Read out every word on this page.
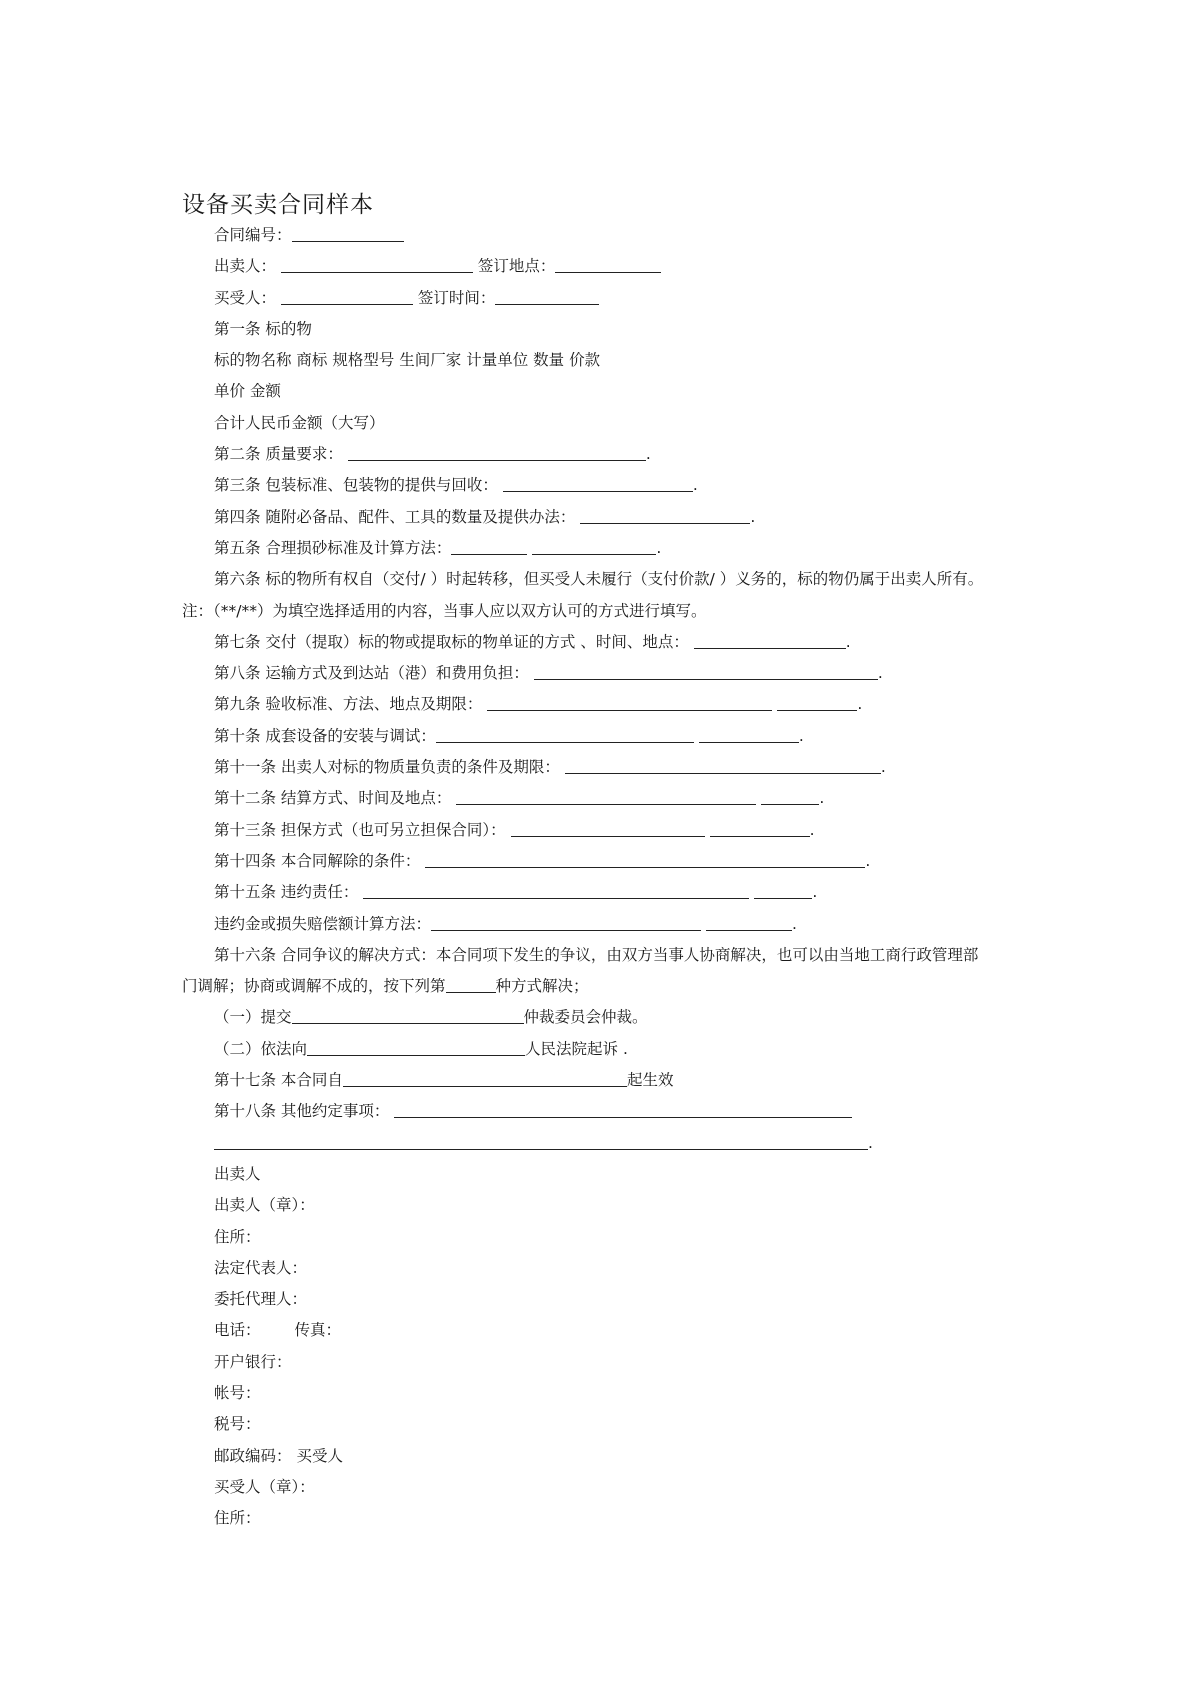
设备买卖合同样本
合同编号：
出卖人：	签订地点：
买受人：	签订时间：
第一条 标的物
标的物名称 商标 规格型号 生间厂家 计量单位 数量 价款
单价 金额
合计人民币金额（大写）
第二条 质量要求：	.
第三条 包装标准、包装物的提供与回收：	.
第四条 随附必备品、配件、工具的数量及提供办法：	.
第五条 合理损砂标准及计算方法：	.
第六条 标的物所有权自（交付/ ）时起转移，但买受人未履行（支付价款/ ）义务的，标的物仍属于出卖人所有。
注：（**/**）为填空选择适用的内容，当事人应以双方认可的方式进行填写。
第七条 交付（提取）标的物或提取标的物单证的方式 、时间、地点：	.
第八条 运输方式及到达站（港）和费用负担：	.
第九条 验收标准、方法、地点及期限：	.
第十条 成套设备的安装与调试：	.
第十一条 出卖人对标的物质量负责的条件及期限：	.
第十二条 结算方式、时间及地点：	.
第十三条 担保方式（也可另立担保合同）：	.
第十四条 本合同解除的条件：	.
第十五条 违约责任：	.
违约金或损失赔偿额计算方法：	.
第十六条 合同争议的解决方式：本合同项下发生的争议，由双方当事人协商解决，也可以由当地工商行政管理部
门调解；协商或调解不成的，按下列第	种方式解决；
（一）提交	仲裁委员会仲裁。
（二）依法向	人民法院起诉 .
第十七条 本合同自	起生效
第十八条 其他约定事项：
.
出卖人
出卖人（章）：
住所：
法定代表人：
委托代理人：
电话： 传真：
开户银行：
帐号：
税号：
邮政编码： 买受人
买受人（章）：
住所：
